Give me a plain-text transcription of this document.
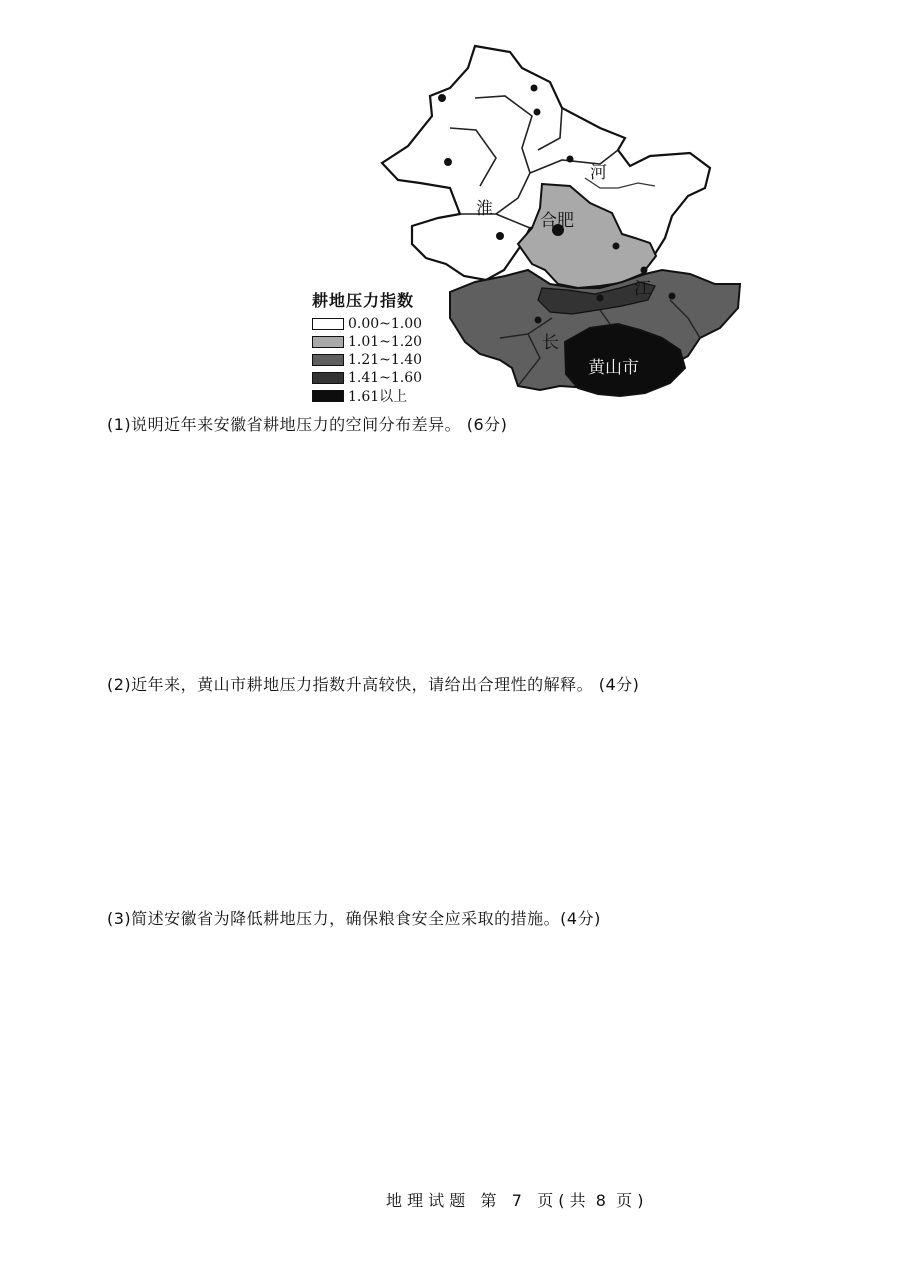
河
淮
合肥
江
长
黄山市
耕地压力指数
0.00~1.00
1.01~1.20
1.21~1.40
1.41~1.60
1.61以上
(1)说明近年来安徽省耕地压力的空间分布差异。 (6分)
(2)近年来，黄山市耕地压力指数升高较快，请给出合理性的解释。 (4分)
(3)简述安徽省为降低耕地压力，确保粮食安全应采取的措施。(4分)
地 理 试 题   第   7   页 ( 共  8  页 )
